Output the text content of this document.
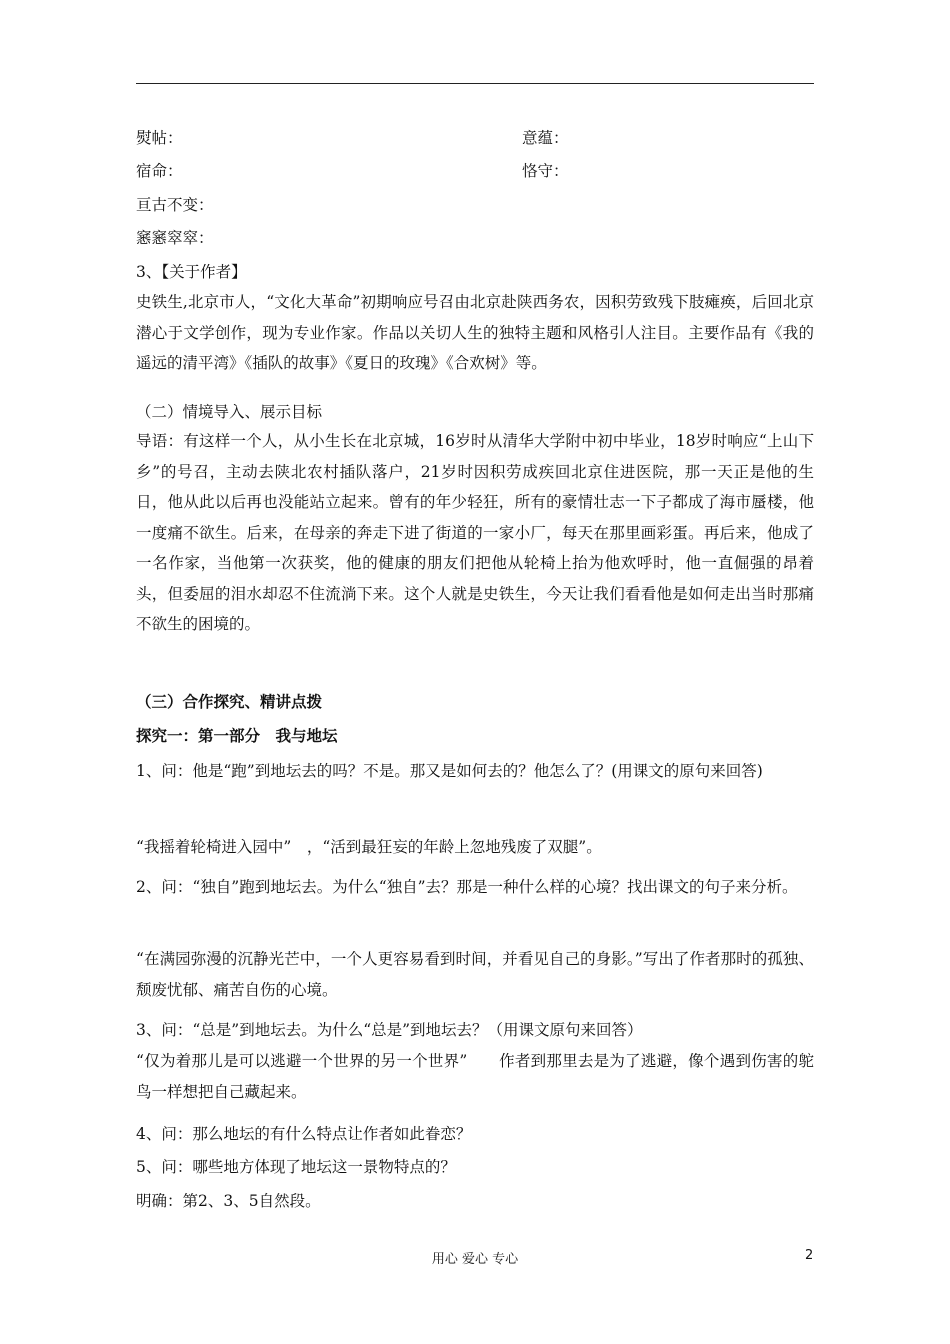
熨帖：	意蕴：
宿命：	恪守：
亘古不变：
窸窸窣窣：
3、【关于作者】
史铁生,北京市人，“文化大革命”初期响应号召由北京赴陕西务农，因积劳致残下肢瘫痪，后回北京潜心于文学创作，现为专业作家。作品以关切人生的独特主题和风格引人注目。主要作品有《我的遥远的清平湾》《插队的故事》《夏日的玫瑰》《合欢树》等。
（二）情境导入、展示目标
导语：有这样一个人，从小生长在北京城，16岁时从清华大学附中初中毕业，18岁时响应“上山下乡”的号召，主动去陕北农村插队落户，21岁时因积劳成疾回北京住进医院，那一天正是他的生日，他从此以后再也没能站立起来。曾有的年少轻狂，所有的豪情壮志一下子都成了海市蜃楼，他一度痛不欲生。后来，在母亲的奔走下进了街道的一家小厂，每天在那里画彩蛋。再后来，他成了一名作家，当他第一次获奖，他的健康的朋友们把他从轮椅上抬为他欢呼时，他一直倔强的昂着头，但委屈的泪水却忍不住流淌下来。这个人就是史铁生，今天让我们看看他是如何走出当时那痛不欲生的困境的。
（三）合作探究、精讲点拨
探究一：第一部分　我与地坛
1、问：他是“跑”到地坛去的吗？不是。那又是如何去的？他怎么了？(用课文的原句来回答)
“我摇着轮椅进入园中”　，“活到最狂妄的年龄上忽地残废了双腿”。
2、问：“独自”跑到地坛去。为什么“独自”去？那是一种什么样的心境？找出课文的句子来分析。
“在满园弥漫的沉静光芒中，一个人更容易看到时间，并看见自己的身影。”写出了作者那时的孤独、颓废忧郁、痛苦自伤的心境。
3、问：“总是”到地坛去。为什么“总是”到地坛去？（用课文原句来回答）
“仅为着那儿是可以逃避一个世界的另一个世界”　　作者到那里去是为了逃避，像个遇到伤害的鸵鸟一样想把自己藏起来。
4、问：那么地坛的有什么特点让作者如此眷恋？
5、问：哪些地方体现了地坛这一景物特点的？
明确：第2、3、5自然段。
用心 爱心 专心	2
